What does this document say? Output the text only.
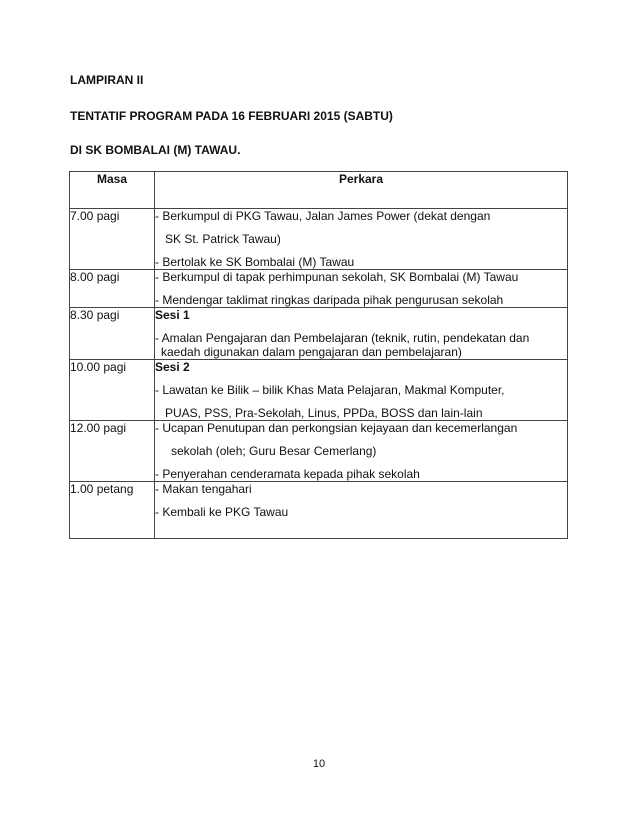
LAMPIRAN II
TENTATIF PROGRAM PADA 16 FEBRUARI 2015 (SABTU)
DI SK BOMBALAI (M) TAWAU.
Masa	Perkara
7.00 pagi	- Berkumpul di PKG Tawau, Jalan James Power (dekat dengan
SK St. Patrick Tawau)
- Bertolak ke SK Bombalai (M) Tawau

8.00 pagi	- Berkumpul di tapak perhimpunan sekolah, SK Bombalai (M) Tawau
- Mendengar taklimat ringkas daripada pihak pengurusan sekolah

8.30 pagi	Sesi 1
- Amalan Pengajaran dan Pembelajaran (teknik, rutin, pendekatan dan
kaedah digunakan dalam pengajaran dan pembelajaran)

10.00 pagi	Sesi 2
- Lawatan ke Bilik – bilik Khas Mata Pelajaran, Makmal Komputer,
PUAS, PSS, Pra-Sekolah, Linus, PPDa, BOSS dan lain-lain

12.00 pagi	- Ucapan Penutupan dan perkongsian kejayaan dan kecemerlangan
sekolah (oleh; Guru Besar Cemerlang)
- Penyerahan cenderamata kepada pihak sekolah

1.00 petang	- Makan tengahari
- Kembali ke PKG Tawau
10
